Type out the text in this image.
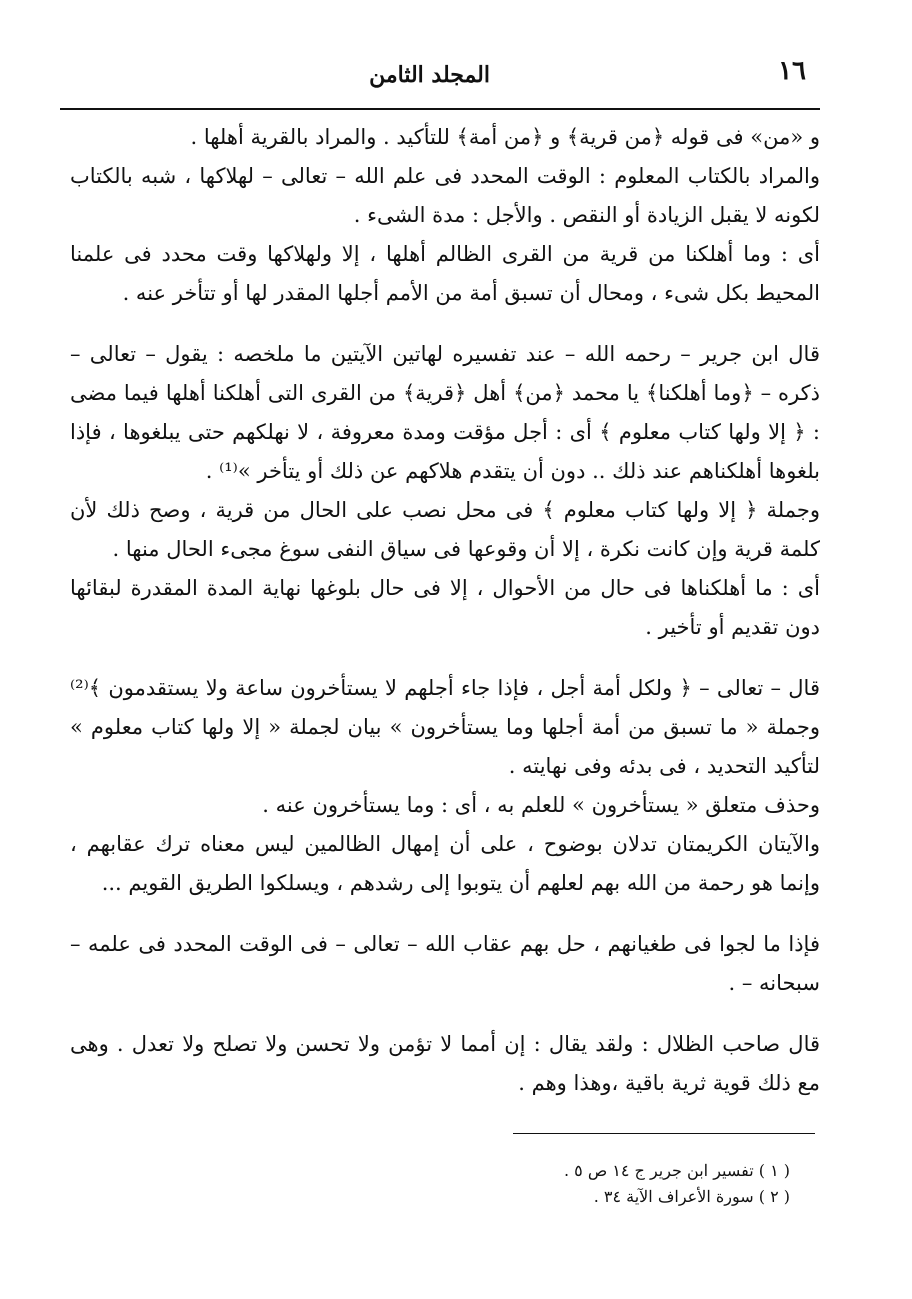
١٦
المجلد الثامن

و «من» فى قوله ﴿من قرية﴾ و ﴿من أمة﴾ للتأكيد . والمراد بالقرية أهلها .

والمراد بالكتاب المعلوم : الوقت المحدد فى علم الله – تعالى – لهلاكها ، شبه بالكتاب لكونه لا يقبل الزيادة أو النقص . والأجل : مدة الشىء .

أى : وما أهلكنا من قرية من القرى الظالم أهلها ، إلا ولهلاكها وقت محدد فى علمنا المحيط بكل شىء ، ومحال أن تسبق أمة من الأمم أجلها المقدر لها أو تتأخر عنه .

قال ابن جرير – رحمه الله – عند تفسيره لهاتين الآيتين ما ملخصه : يقول – تعالى – ذكره – ﴿وما أهلكنا﴾ يا محمد ﴿من﴾ أهل ﴿قرية﴾ من القرى التى أهلكنا أهلها فيما مضى : ﴿ إلا ولها كتاب معلوم ﴾ أى : أجل مؤقت ومدة معروفة ، لا نهلكهم حتى يبلغوها ، فإذا بلغوها أهلكناهم عند ذلك .. دون أن يتقدم هلاكهم عن ذلك أو يتأخر »⁽¹⁾ .

وجملة ﴿ إلا ولها كتاب معلوم ﴾ فى محل نصب على الحال من قرية ، وصح ذلك لأن كلمة قرية وإن كانت نكرة ، إلا أن وقوعها فى سياق النفى سوغ مجىء الحال منها .

أى : ما أهلكناها فى حال من الأحوال ، إلا فى حال بلوغها نهاية المدة المقدرة لبقائها دون تقديم أو تأخير .

قال – تعالى – ﴿ ولكل أمة أجل ، فإذا جاء أجلهم لا يستأخرون ساعة ولا يستقدمون ﴾⁽²⁾ وجملة « ما تسبق من أمة أجلها وما يستأخرون » بيان لجملة « إلا ولها كتاب معلوم » لتأكيد التحديد ، فى بدئه وفى نهايته .

وحذف متعلق « يستأخرون » للعلم به ، أى : وما يستأخرون عنه .

والآيتان الكريمتان تدلان بوضوح ، على أن إمهال الظالمين ليس معناه ترك عقابهم ، وإنما هو رحمة من الله بهم لعلهم أن يتوبوا إلى رشدهم ، ويسلكوا الطريق القويم ...

فإذا ما لجوا فى طغيانهم ، حل بهم عقاب الله – تعالى – فى الوقت المحدد فى علمه – سبحانه – .

قال صاحب الظلال : ولقد يقال : إن أمما لا تؤمن ولا تحسن ولا تصلح ولا تعدل . وهى مع ذلك قوية ثرية باقية ،وهذا وهم .

( ١ ) تفسير ابن جرير ج ١٤ ص ٥ .

( ٢ ) سورة الأعراف الآية ٣٤ .
